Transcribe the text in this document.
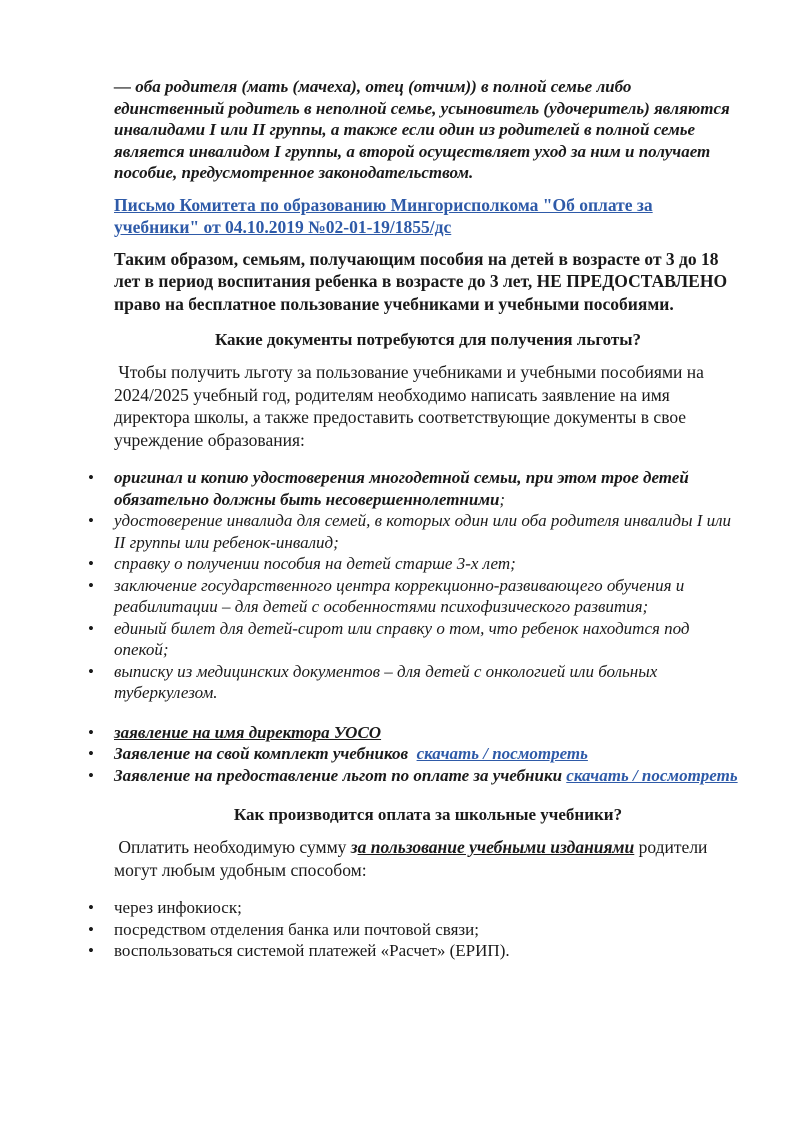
— оба родителя (мать (мачеха), отец (отчим)) в полной семье либо единственный родитель в неполной семье, усыновитель (удочеритель) являются инвалидами I или II группы, а также если один из родителей в полной семье является инвалидом I группы, а второй осуществляет уход за ним и получает пособие, предусмотренное законодательством.

Письмо Комитета по образованию Мингорисполкома "Об оплате за учебники" от 04.10.2019 №02-01-19/1855/дс

Таким образом, семьям, получающим пособия на детей в возрасте от 3 до 18 лет в период воспитания ребенка в возрасте до 3 лет, НЕ ПРЕДОСТАВЛЕНО право на бесплатное пользование учебниками и учебными пособиями.

Какие документы потребуются для получения льготы?

Чтобы получить льготу за пользование учебниками и учебными пособиями на 2024/2025 учебный год, родителям необходимо написать заявление на имя директора школы, а также предоставить соответствующие документы в свое учреждение образования:

• оригинал и копию удостоверения многодетной семьи, при этом трое детей обязательно должны быть несовершеннолетними;
• удостоверение инвалида для семей, в которых один или оба родителя инвалиды I или II группы или ребенок-инвалид;
• справку о получении пособия на детей старше 3-х лет;
• заключение государственного центра коррекционно-развивающего обучения и реабилитации – для детей с особенностями психофизического развития;
• единый билет для детей-сирот или справку о том, что ребенок находится под опекой;
• выписку из медицинских документов – для детей с онкологией или больных туберкулезом.
• заявление на имя директора УОСО
• Заявление на свой комплект учебников скачать / посмотреть
• Заявление на предоставление льгот по оплате за учебники скачать / посмотреть
Как производится оплата за школьные учебники?

Оплатить необходимую сумму за пользование учебными изданиями родители могут любым удобным способом:

• через инфокиоск;
• посредством отделения банка или почтовой связи;
• воспользоваться системой платежей «Расчет» (ЕРИП).
